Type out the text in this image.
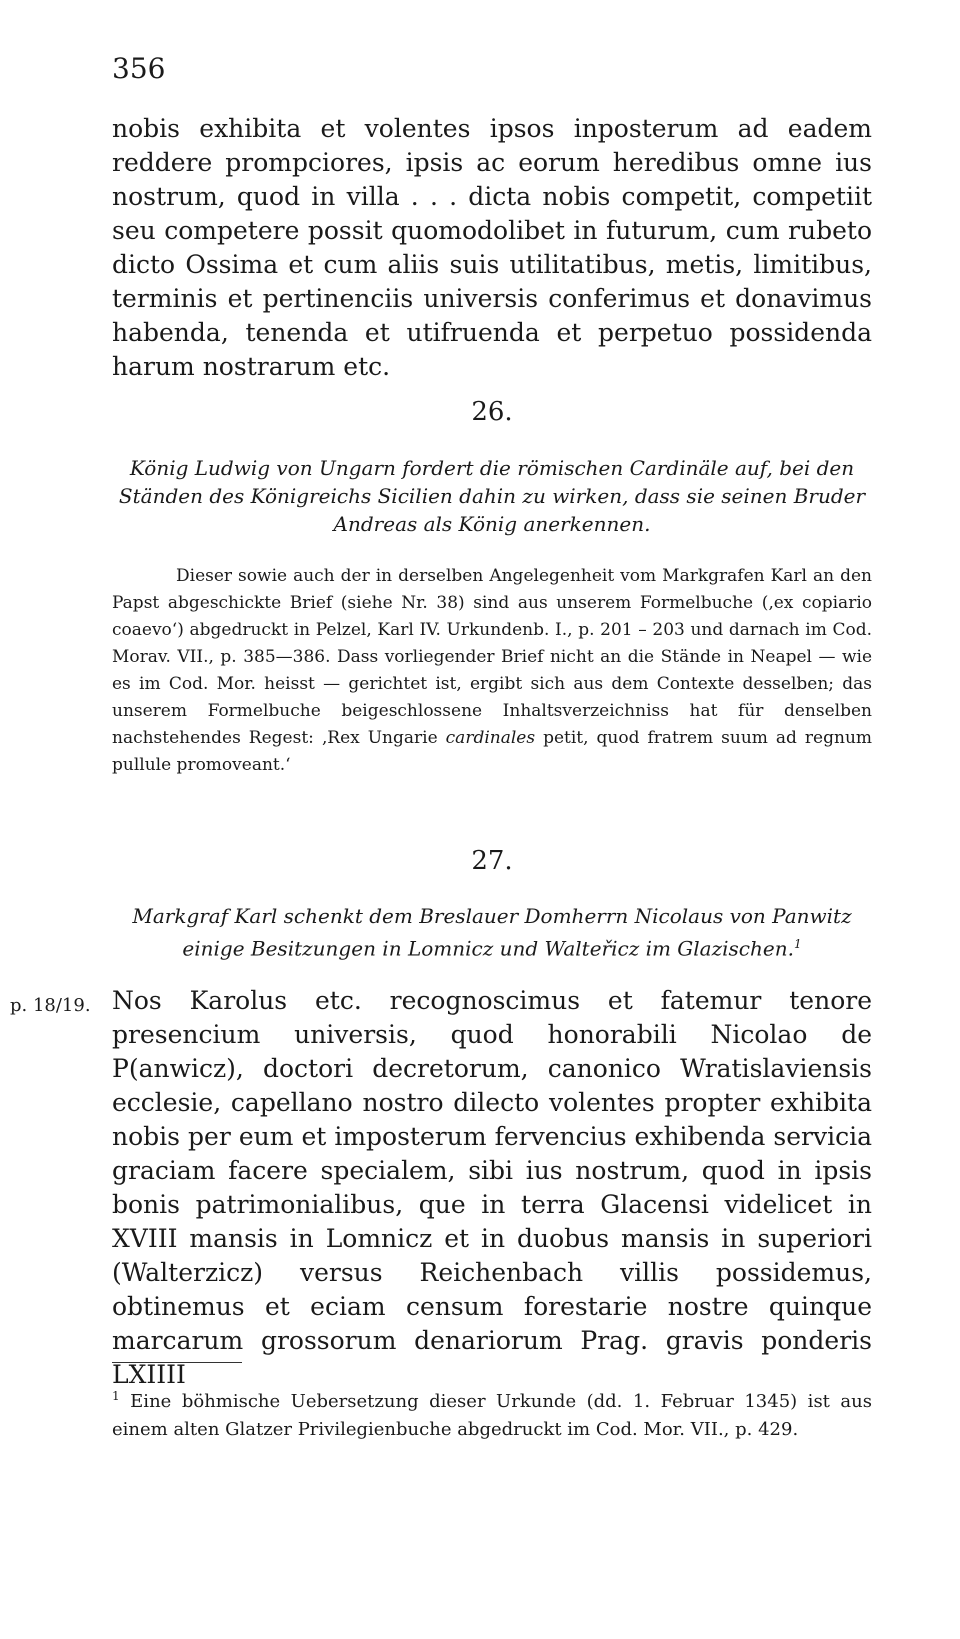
356

nobis exhibita et volentes ipsos inposterum ad eadem reddere prompciores, ipsis ac eorum heredibus omne ius nostrum, quod in villa . . . dicta nobis competit, competiit seu competere possit quomodolibet in futurum, cum rubeto dicto Ossima et cum aliis suis utilitatibus, metis, limitibus, terminis et pertinenciis universis conferimus et donavimus habenda, tenenda et utifruenda et perpetuo possidenda harum nostrarum etc.

26.

König Ludwig von Ungarn fordert die römischen Cardinäle auf, bei den Ständen des Königreichs Sicilien dahin zu wirken, dass sie seinen Bruder Andreas als König anerkennen.

Dieser sowie auch der in derselben Angelegenheit vom Markgrafen Karl an den Papst abgeschickte Brief (siehe Nr. 38) sind aus unserem Formelbuche (‚ex copiario coaevo‘) abgedruckt in Pelzel, Karl IV. Urkundenb. I., p. 201 – 203 und darnach im Cod. Morav. VII., p. 385—386. Dass vorliegender Brief nicht an die Stände in Neapel — wie es im Cod. Mor. heisst — gerichtet ist, ergibt sich aus dem Contexte desselben; das unserem Formelbuche beigeschlossene Inhaltsverzeichniss hat für denselben nachstehendes Regest: ‚Rex Ungarie cardinales petit, quod fratrem suum ad regnum pullule promoveant.‘

27.

Markgraf Karl schenkt dem Breslauer Domherrn Nicolaus von Panwitz einige Besitzungen in Lomnicz und Walteřicz im Glazischen.$^1$

p. 18/19. Nos Karolus etc. recognoscimus et fatemur tenore presencium universis, quod honorabili Nicolao de P(anwicz), doctori decretorum, canonico Wratislaviensis ecclesie, capellano nostro dilecto volentes propter exhibita nobis per eum et imposterum fervencius exhibenda servicia graciam facere specialem, sibi ius nostrum, quod in ipsis bonis patrimonialibus, que in terra Glacensi videlicet in XVIII mansis in Lomnicz et in duobus mansis in superiori (Walterzicz) versus Reichenbach villis possidemus, obtinemus et eciam censum forestarie nostre quinque marcarum grossorum denariorum Prag. gravis ponderis LXIIII

$^1$ Eine böhmische Uebersetzung dieser Urkunde (dd. 1. Februar 1345) ist aus einem alten Glatzer Privilegienbuche abgedruckt im Cod. Mor. VII., p. 429.
